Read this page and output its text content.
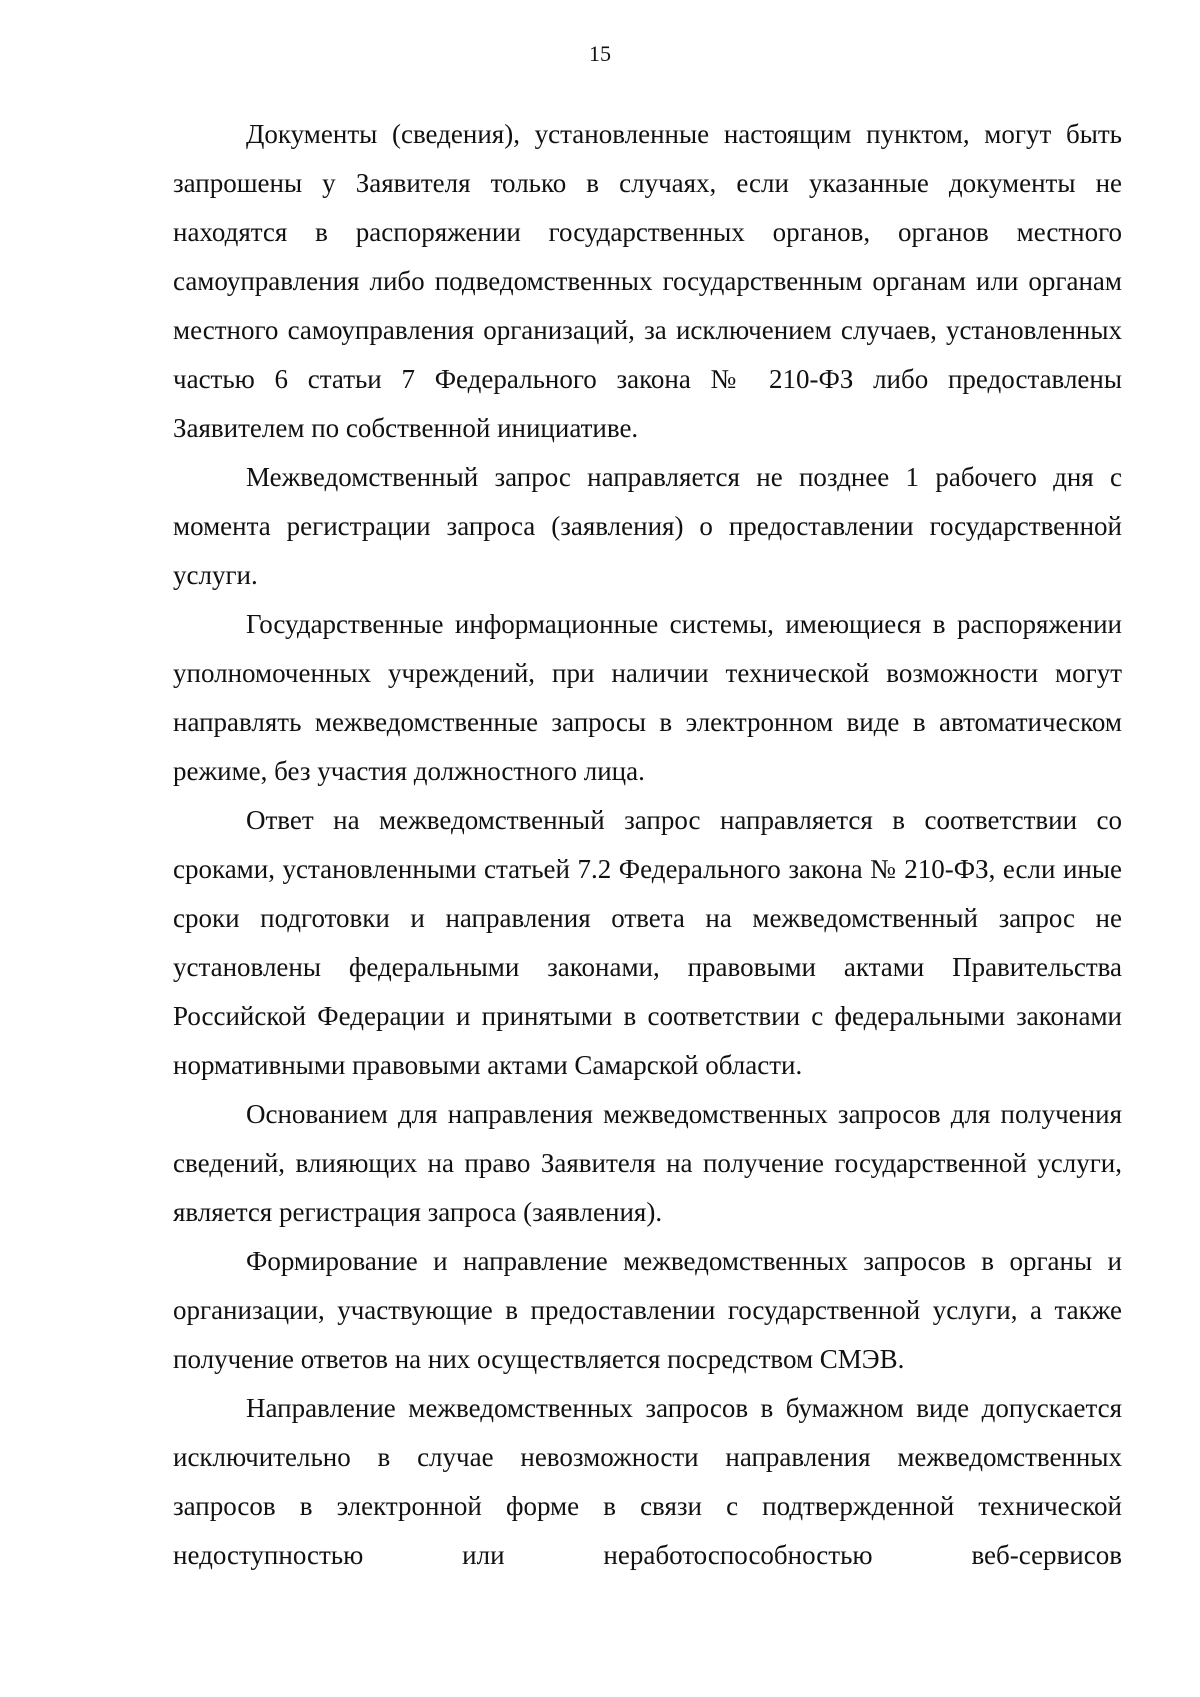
15

Документы (сведения), установленные настоящим пунктом, могут быть запрошены у Заявителя только в случаях, если указанные документы не находятся в распоряжении государственных органов, органов местного самоуправления либо подведомственных государственным органам или органам местного самоуправления организаций, за исключением случаев, установленных частью 6 статьи 7 Федерального закона № 210-ФЗ либо предоставлены Заявителем по собственной инициативе.

Межведомственный запрос направляется не позднее 1 рабочего дня с момента регистрации запроса (заявления) о предоставлении государственной услуги.

Государственные информационные системы, имеющиеся в распоряжении уполномоченных учреждений, при наличии технической возможности могут направлять межведомственные запросы в электронном виде в автоматическом режиме, без участия должностного лица.

Ответ на межведомственный запрос направляется в соответствии со сроками, установленными статьей 7.2 Федерального закона № 210-ФЗ, если иные сроки подготовки и направления ответа на межведомственный запрос не установлены федеральными законами, правовыми актами Правительства Российской Федерации и принятыми в соответствии с федеральными законами нормативными правовыми актами Самарской области.

Основанием для направления межведомственных запросов для получения сведений, влияющих на право Заявителя на получение государственной услуги, является регистрация запроса (заявления).

Формирование и направление межведомственных запросов в органы и организации, участвующие в предоставлении государственной услуги, а также получение ответов на них осуществляется посредством СМЭВ.

Направление межведомственных запросов в бумажном виде допускается исключительно в случае невозможности направления межведомственных запросов в электронной форме в связи с подтвержденной технической недоступностью или неработоспособностью веб-сервисов
